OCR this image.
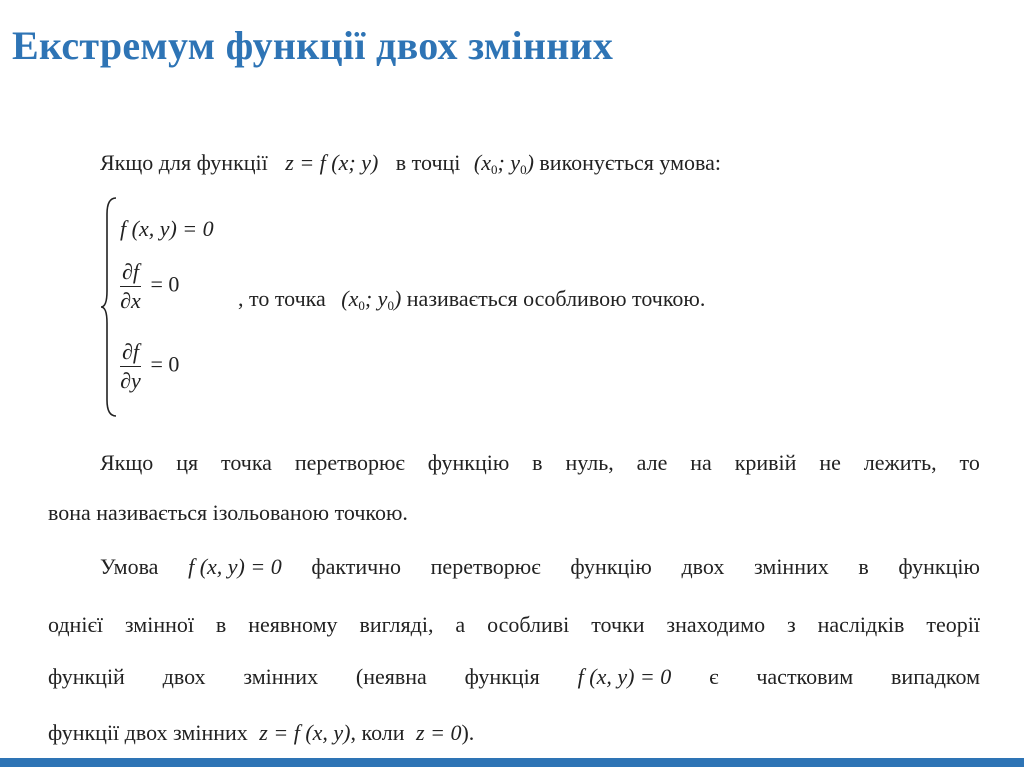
Екстремум функції двох змінних
Якщо для функції z = f (x; y) в точці ($x_0$; $y_0$) виконується умова:
f (x, y) = 0
$\frac{\partial f}{\partial x} = 0$
$\frac{\partial f}{\partial y} = 0$
, то точка ($x_0$; $y_0$) називається особливою точкою.
Якщо ця точка перетворює функцію в нуль, але на кривій не лежить, то
вона називається ізольованою точкою.
Умова f (x, y) = 0 фактично перетворює функцію двох змінних в функцію
однієї змінної в неявному вигляді, а особливі точки знаходимо з наслідків теорії
функцій двох змінних (неявна функція f (x, y) = 0 є частковим випадком
функції двох змінних z = f (x, y), коли z = 0).
